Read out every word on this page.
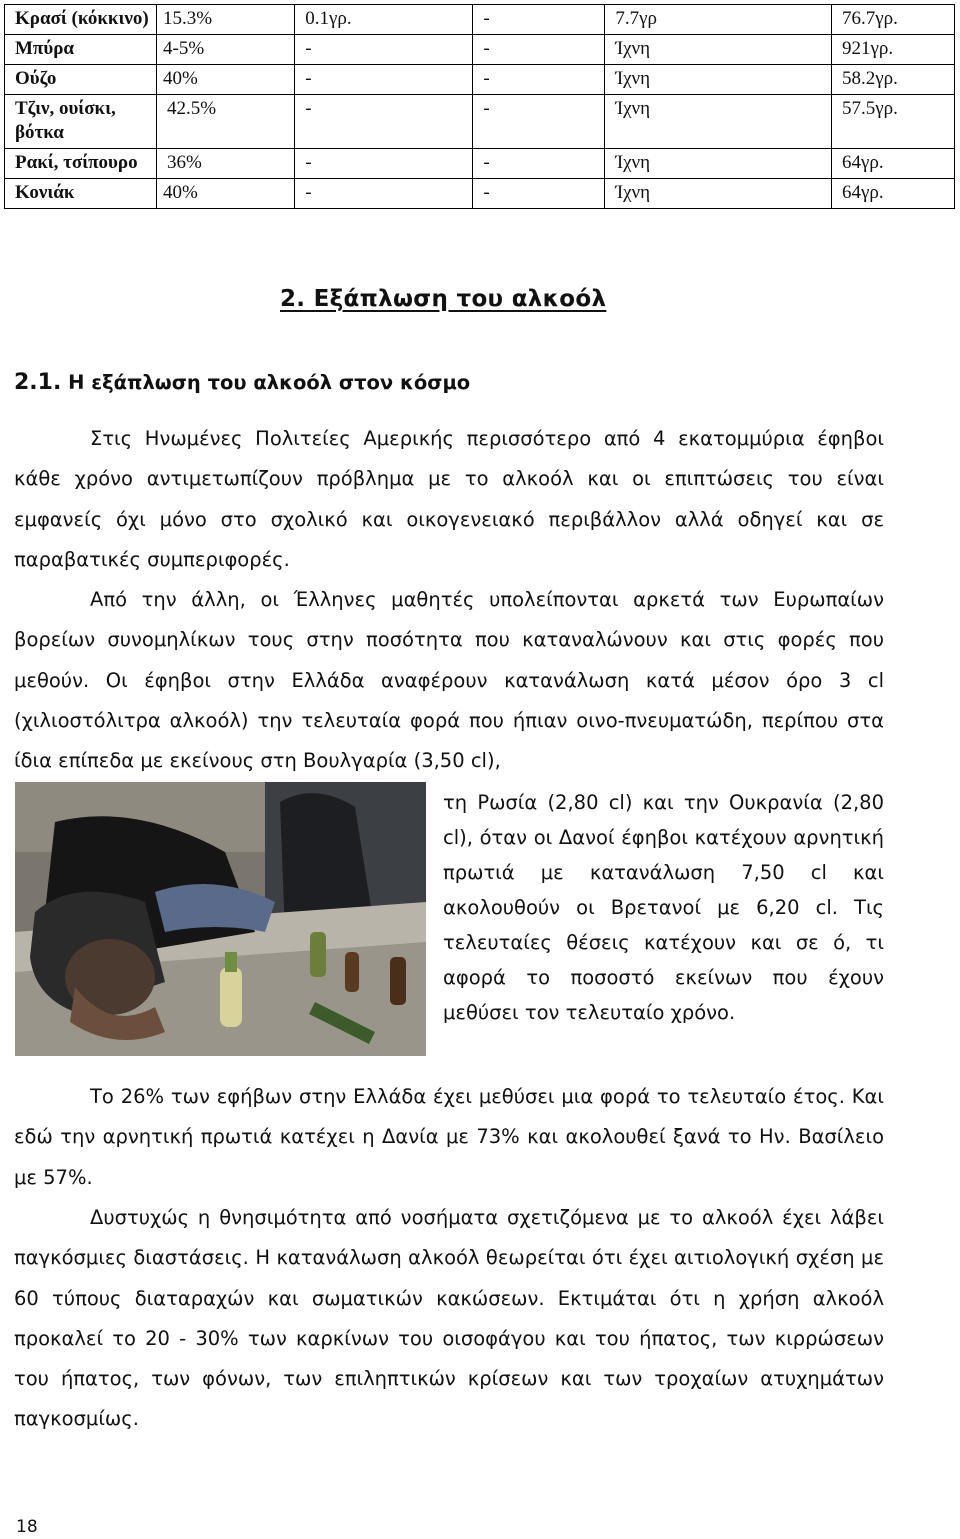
Κρασί (κόκκινο)	15.3%	0.1γρ.	-	7.7γρ	76.7γρ.
Μπύρα	4-5%	-	-	Ίχνη	921γρ.
Ούζο	40%	-	-	Ίχνη	58.2γρ.
Τζιν, ουίσκι, βότκα	42.5%	-	-	Ίχνη	57.5γρ.
Ρακί, τσίπουρο	36%	-	-	Ίχνη	64γρ.
Κονιάκ	40%	-	-	Ίχνη	64γρ.
2. Εξάπλωση του αλκοόλ
2.1. Η εξάπλωση του αλκοόλ στον κόσμο
Στις Ηνωμένες Πολιτείες Αμερικής περισσότερο από 4 εκατομμύρια έφηβοι κάθε χρόνο αντιμετωπίζουν πρόβλημα με το αλκοόλ και οι επιπτώσεις του είναι εμφανείς όχι μόνο στο σχολικό και οικογενειακό περιβάλλον αλλά οδηγεί και σε παραβατικές συμπεριφορές.
Από την άλλη, οι Έλληνες μαθητές υπολείπονται αρκετά των Ευρωπαίων βορείων συνομηλίκων τους στην ποσότητα που καταναλώνουν και στις φορές που μεθούν. Οι έφηβοι στην Ελλάδα αναφέρουν κατανάλωση κατά μέσον όρο 3 cl (χιλιοστόλιτρα αλκοόλ) την τελευταία φορά που ήπιαν οινο-πνευματώδη, περίπου στα ίδια επίπεδα με εκείνους στη Βουλγαρία (3,50 cl),
τη Ρωσία (2,80 cl) και την Ουκρανία (2,80 cl), όταν οι Δανοί έφηβοι κατέχουν αρνητική πρωτιά με κατανάλωση 7,50 cl και ακολουθούν οι Βρετανοί με 6,20 cl. Τις τελευταίες θέσεις κατέχουν και σε ό, τι αφορά το ποσοστό εκείνων που έχουν μεθύσει τον τελευταίο χρόνο.
Το 26% των εφήβων στην Ελλάδα έχει μεθύσει μια φορά το τελευταίο έτος. Και εδώ την αρνητική πρωτιά κατέχει η Δανία με 73% και ακολουθεί ξανά το Ην. Βασίλειο με 57%.
Δυστυχώς η θνησιμότητα από νοσήματα σχετιζόμενα με το αλκοόλ έχει λάβει παγκόσμιες διαστάσεις. Η κατανάλωση αλκοόλ θεωρείται ότι έχει αιτιολογική σχέση με 60 τύπους διαταραχών και σωματικών κακώσεων. Εκτιμάται ότι η χρήση αλκοόλ προκαλεί το 20 - 30% των καρκίνων του οισοφάγου και του ήπατος, των κιρρώσεων του ήπατος, των φόνων, των επιληπτικών κρίσεων και των τροχαίων ατυχημάτων παγκοσμίως.
18
